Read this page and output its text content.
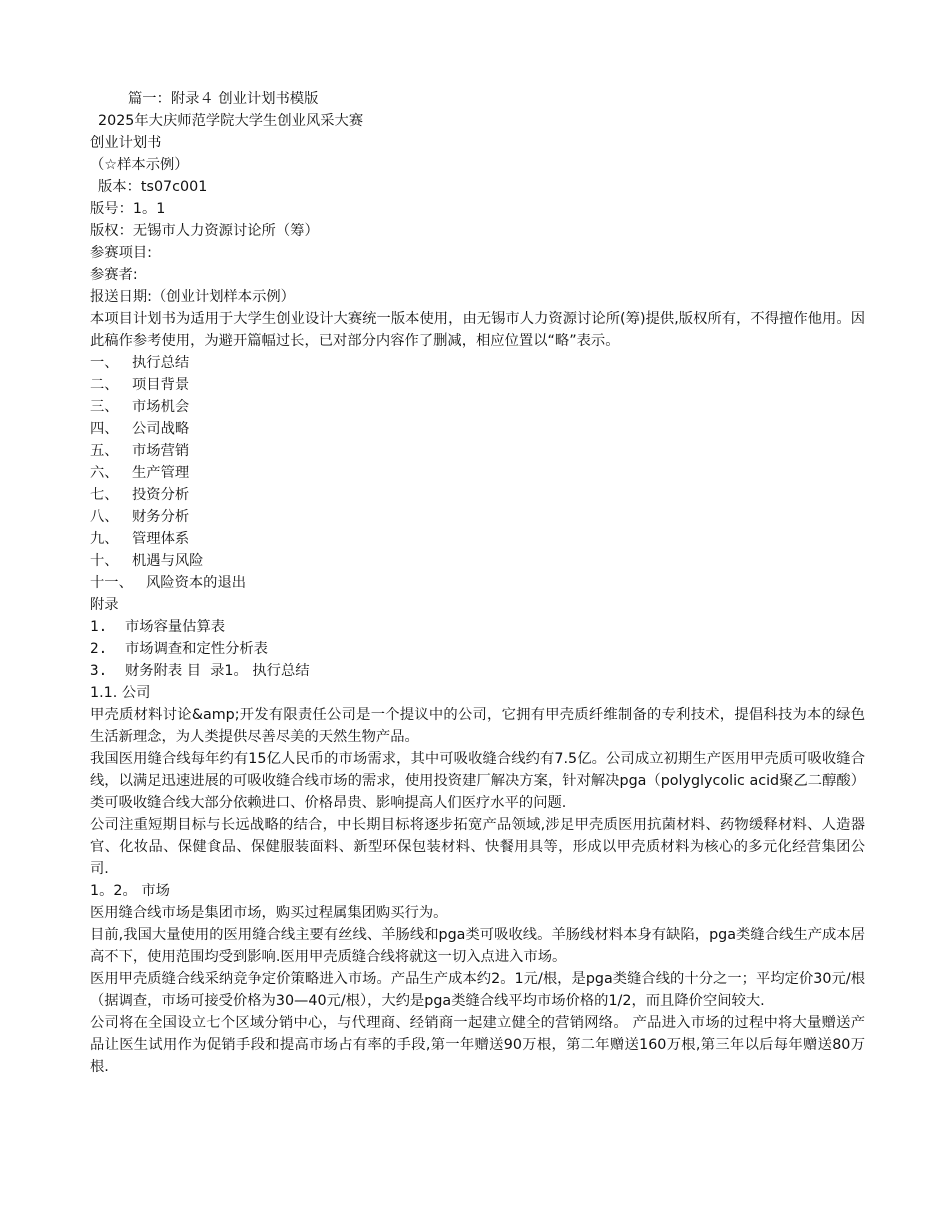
篇一：附录４ 创业计划书模版
2025年大庆师范学院大学生创业风采大赛
创业计划书
（☆样本示例）
版本：ts07c001
版号：1。1
版权：无锡市人力资源讨论所（筹）
参赛项目:
参赛者:
报送日期:（创业计划样本示例）
本项目计划书为适用于大学生创业设计大赛统一版本使用，由无锡市人力资源讨论所(筹)提供,版权所有，不得擅作他用。因此稿作参考使用，为避开篇幅过长，已对部分内容作了删减，相应位置以“略”表示。
一、 执行总结
二、 项目背景
三、 市场机会
四、 公司战略
五、 市场营销
六、 生产管理
七、 投资分析
八、 财务分析
九、 管理体系
十、 机遇与风险
十一、 风险资本的退出
附录
1. 市场容量估算表
2. 市场调查和定性分析表
3. 财务附表 目  录1。 执行总结
1.1. 公司
甲壳质材料讨论&amp;开发有限责任公司是一个提议中的公司，它拥有甲壳质纤维制备的专利技术，提倡科技为本的绿色生活新理念，为人类提供尽善尽美的天然生物产品。
我国医用缝合线每年约有15亿人民币的市场需求，其中可吸收缝合线约有7.5亿。公司成立初期生产医用甲壳质可吸收缝合线，以满足迅速进展的可吸收缝合线市场的需求，使用投资建厂解决方案，针对解决pga（polyglycolic acid聚乙二醇酸）类可吸收缝合线大部分依赖进口、价格昂贵、影响提高人们医疗水平的问题.
公司注重短期目标与长远战略的结合，中长期目标将逐步拓宽产品领域,涉足甲壳质医用抗菌材料、药物缓释材料、人造器官、化妆品、保健食品、保健服装面料、新型环保包装材料、快餐用具等，形成以甲壳质材料为核心的多元化经营集团公司.
1。2。 市场
医用缝合线市场是集团市场，购买过程属集团购买行为。
目前,我国大量使用的医用缝合线主要有丝线、羊肠线和pga类可吸收线。羊肠线材料本身有缺陷，pga类缝合线生产成本居高不下，使用范围均受到影响.医用甲壳质缝合线将就这一切入点进入市场。
医用甲壳质缝合线采纳竞争定价策略进入市场。产品生产成本约2。1元/根，是pga类缝合线的十分之一；平均定价30元/根（据调查，市场可接受价格为30—40元/根），大约是pga类缝合线平均市场价格的1/2，而且降价空间较大.
公司将在全国设立七个区域分销中心，与代理商、经销商一起建立健全的营销网络。 产品进入市场的过程中将大量赠送产品让医生试用作为促销手段和提高市场占有率的手段,第一年赠送90万根，第二年赠送160万根,第三年以后每年赠送80万根.
